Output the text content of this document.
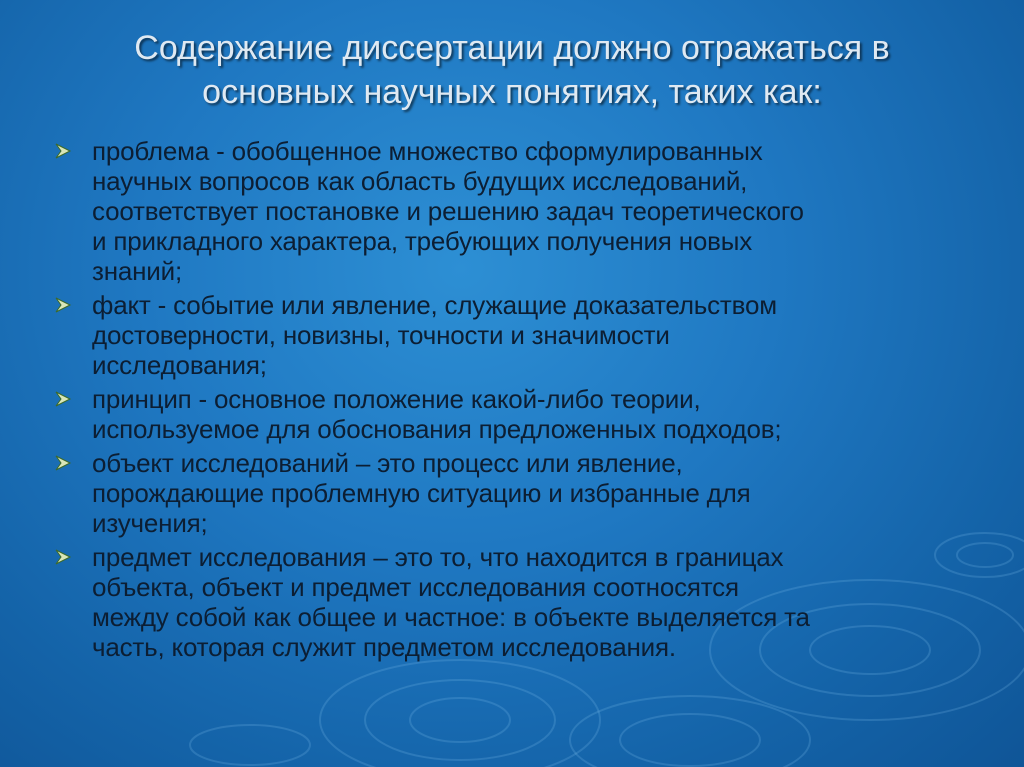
Содержание диссертации должно отражаться в
основных научных понятиях, таких как:
проблема - обобщенное множество сформулированных
научных вопросов как область будущих исследований,
соответствует постановке и решению задач теоретического
и прикладного характера, требующих получения новых
знаний;
факт - событие или явление, служащие доказательством
достоверности, новизны, точности и значимости
исследования;
принцип - основное положение какой-либо теории,
используемое для обоснования предложенных подходов;
объект исследований – это процесс или явление,
порождающие проблемную ситуацию и избранные для
изучения;
предмет исследования – это то, что находится в границах
объекта, объект и предмет исследования соотносятся
между собой как общее и частное: в объекте выделяется та
часть, которая служит предметом исследования.
